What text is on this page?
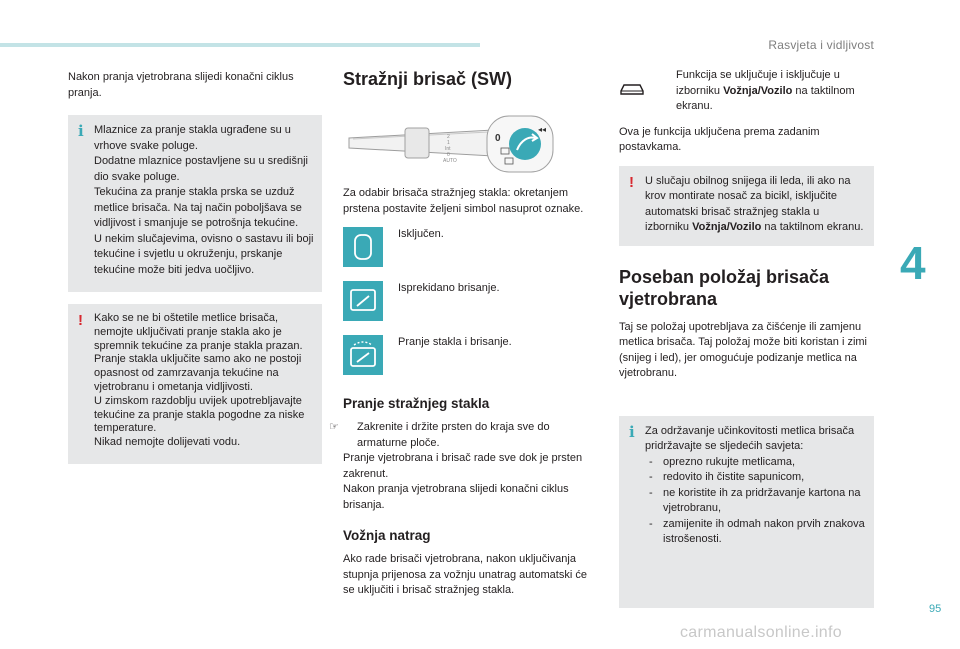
Rasvjeta i vidljivost
4
95
carmanualsonline.info

Nakon pranja vjetrobrana slijedi konačni ciklus pranja.

i Mlaznice za pranje stakla ugrađene su u vrhove svake poluge.

Dodatne mlaznice postavljene su u središnji dio svake poluge.

Tekućina za pranje stakla prska se uzduž metlice brisača. Na taj način poboljšava se vidljivost i smanjuje se potrošnja tekućine.

U nekim slučajevima, ovisno o sastavu ili boji tekućine i svjetlu u okruženju, prskanje tekućine može biti jedva uočljivo.

! Kako se ne bi oštetile metlice brisača, nemojte uključivati pranje stakla ako je spremnik tekućine za pranje stakla prazan.

Pranje stakla uključite samo ako ne postoji opasnost od zamrzavanja tekućine na vjetrobranu i ometanja vidljivosti.

U zimskom razdoblju uvijek upotrebljavajte tekućine za pranje stakla pogodne za niske temperature.

Nikad nemojte dolijevati vodu.

Stražnji brisač (SW)
2
1
Int
0
AUTO
0
◂◂

Za odabir brisača stražnjeg stakla: okretanjem prstena postavite željeni simbol nasuprot oznake.

Isključen.
Isprekidano brisanje.
Pranje stakla i brisanje.
Pranje stražnjeg stakla

☞ Zakrenite i držite prsten do kraja sve do armaturne ploče.

Pranje vjetrobrana i brisač rade sve dok je prsten zakrenut.

Nakon pranja vjetrobrana slijedi konačni ciklus brisanja.

Vožnja natrag

Ako rade brisači vjetrobrana, nakon uključivanja stupnja prijenosa za vožnju unatrag automatski će se uključiti i brisač stražnjeg stakla.

Funkcija se uključuje i isključuje u izborniku Vožnja/Vozilo na taktilnom ekranu.

Ova je funkcija uključena prema zadanim postavkama.

! U slučaju obilnog snijega ili leda, ili ako na krov montirate nosač za bicikl, isključite automatski brisač stražnjeg stakla u izborniku Vožnja/Vozilo na taktilnom ekranu.

Poseban položaj brisača vjetrobrana

Taj se položaj upotrebljava za čišćenje ili zamjenu metlica brisača. Taj položaj može biti koristan i zimi (snijeg i led), jer omogućuje podizanje metlica na vjetrobranu.

i Za održavanje učinkovitosti metlica brisača pridržavajte se sljedećih savjeta:

- oprezno rukujte metlicama,
- redovito ih čistite sapunicom,
- ne koristite ih za pridržavanje kartona na vjetrobranu,
- zamijenite ih odmah nakon prvih znakova istrošenosti.
